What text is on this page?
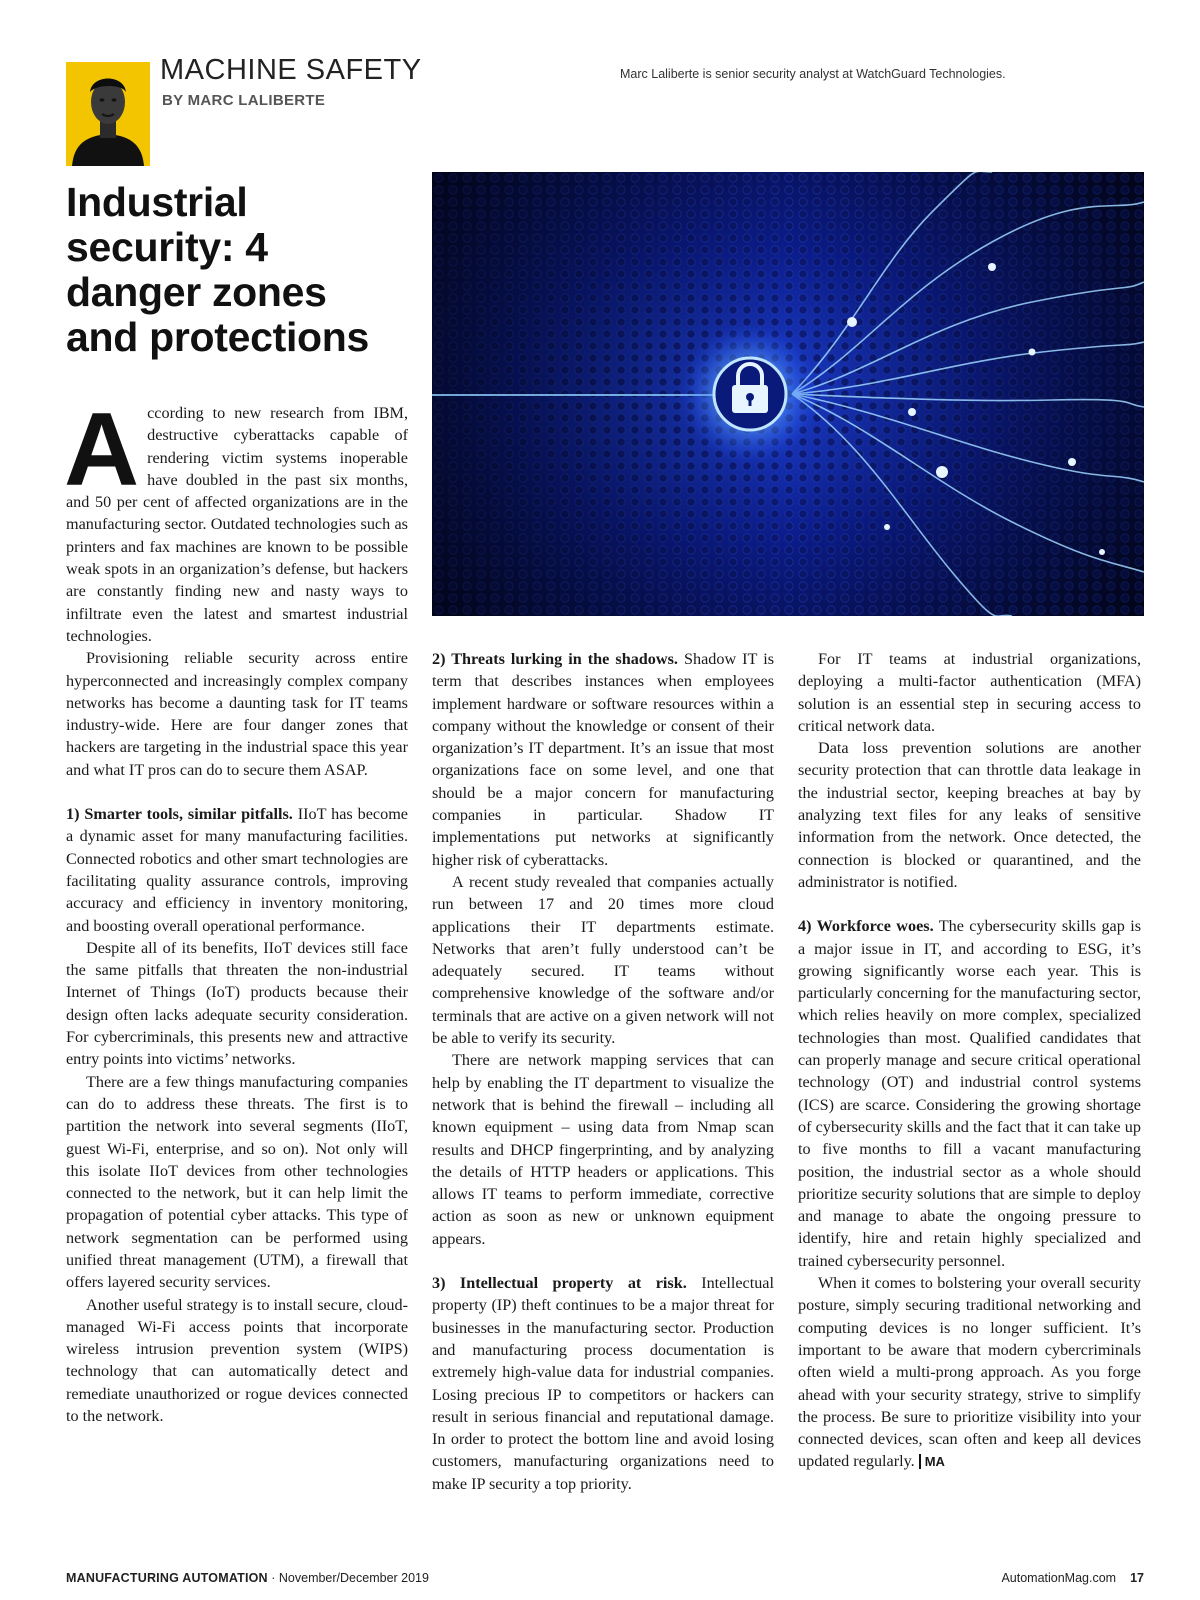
MACHINE SAFETY
BY MARC LALIBERTE
Marc Laliberte is senior security analyst at WatchGuard Technologies.
Industrial security: 4 danger zones and protections
A ccording to new research from IBM, destructive cyberattacks capable of rendering victim systems inoperable have doubled in the past six months, and 50 per cent of affected organizations are in the manufacturing sector. Outdated technologies such as printers and fax machines are known to be possible weak spots in an organization’s defense, but hackers are constantly finding new and nasty ways to infiltrate even the latest and smartest industrial technologies.

Provisioning reliable security across entire hyperconnected and increasingly complex company networks has become a daunting task for IT teams industry-wide. Here are four danger zones that hackers are targeting in the industrial space this year and what IT pros can do to secure them ASAP.

1) Smarter tools, similar pitfalls. IIoT has become a dynamic asset for many manufacturing facilities. Connected robotics and other smart technologies are facilitating quality assurance controls, improving accuracy and efficiency in inventory monitoring, and boosting overall operational performance.

Despite all of its benefits, IIoT devices still face the same pitfalls that threaten the non-industrial Internet of Things (IoT) products because their design often lacks adequate security consideration. For cybercriminals, this presents new and attractive entry points into victims’ networks.

There are a few things manufacturing companies can do to address these threats. The first is to partition the network into several segments (IIoT, guest Wi-Fi, enterprise, and so on). Not only will this isolate IIoT devices from other technologies connected to the network, but it can help limit the propagation of potential cyber attacks. This type of network segmentation can be performed using unified threat management (UTM), a firewall that offers layered security services.

Another useful strategy is to install secure, cloud-managed Wi-Fi access points that incorporate wireless intrusion prevention system (WIPS) technology that can automatically detect and remediate unauthorized or rogue devices connected to the network.

2) Threats lurking in the shadows. Shadow IT is term that describes instances when employees implement hardware or software resources within a company without the knowledge or consent of their organization’s IT department. It’s an issue that most organizations face on some level, and one that should be a major concern for manufacturing companies in particular. Shadow IT implementations put networks at significantly higher risk of cyberattacks.

A recent study revealed that companies actually run between 17 and 20 times more cloud applications their IT departments estimate. Networks that aren’t fully understood can’t be adequately secured. IT teams without comprehensive knowledge of the software and/or terminals that are active on a given network will not be able to verify its security.

There are network mapping services that can help by enabling the IT department to visualize the network that is behind the firewall – including all known equipment – using data from Nmap scan results and DHCP fingerprinting, and by analyzing the details of HTTP headers or applications. This allows IT teams to perform immediate, corrective action as soon as new or unknown equipment appears.

3) Intellectual property at risk. Intellectual property (IP) theft continues to be a major threat for businesses in the manufacturing sector. Production and manufacturing process documentation is extremely high-value data for industrial companies. Losing precious IP to competitors or hackers can result in serious financial and reputational damage. In order to protect the bottom line and avoid losing customers, manufacturing organizations need to make IP security a top priority.

For IT teams at industrial organizations, deploying a multi-factor authentication (MFA) solution is an essential step in securing access to critical network data.

Data loss prevention solutions are another security protection that can throttle data leakage in the industrial sector, keeping breaches at bay by analyzing text files for any leaks of sensitive information from the network. Once detected, the connection is blocked or quarantined, and the administrator is notified.

4) Workforce woes. The cybersecurity skills gap is a major issue in IT, and according to ESG, it’s growing significantly worse each year. This is particularly concerning for the manufacturing sector, which relies heavily on more complex, specialized technologies than most. Qualified candidates that can properly manage and secure critical operational technology (OT) and industrial control systems (ICS) are scarce. Considering the growing shortage of cybersecurity skills and the fact that it can take up to five months to fill a vacant manufacturing position, the industrial sector as a whole should prioritize security solutions that are simple to deploy and manage to abate the ongoing pressure to identify, hire and retain highly specialized and trained cybersecurity personnel.

When it comes to bolstering your overall security posture, simply securing traditional networking and computing devices is no longer sufficient. It’s important to be aware that modern cybercriminals often wield a multi-prong approach. As you forge ahead with your security strategy, strive to simplify the process. Be sure to prioritize visibility into your connected devices, scan often and keep all devices updated regularly. MA

MANUFACTURING AUTOMATION · November/December 2019	AutomationMag.com 17
